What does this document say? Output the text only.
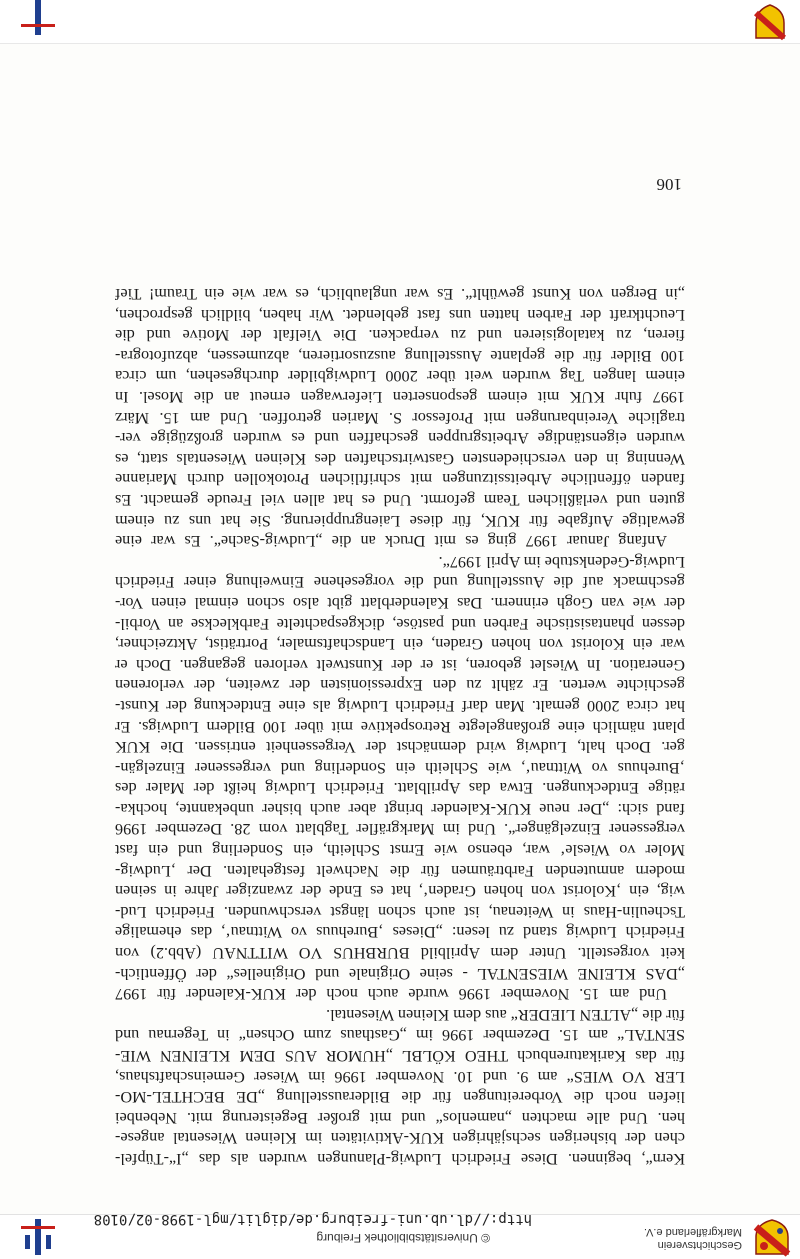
Geschichtsverein
Markgräflerland e.V.
© Universitätsbibliothek Freiburg
http://dl.ub.uni-freiburg.de/diglit/mgl-1998-02/0108
Kern“, beginnen. Diese Friedrich Ludwig-Planungen wurden als das „I“-Tüpfel-
chen der bisherigen sechsjährigen KUK-Aktivitäten im Kleinen Wiesental angese-
hen. Und alle machten „namenlos“ und mit großer Begeisterung mit. Nebenbei
liefen noch die Vorbereitungen für die Bilderausstellung „DE BECHTEL-MO-
LER VO WIES“ am 9. und 10. November 1996 im Wieser Gemeinschaftshaus,
für das Karikaturenbuch THEO KÖLBL „HUMOR AUS DEM KLEINEN WIE-
SENTAL“ am 15. Dezember 1996 im „Gasthaus zum Ochsen“ in Tegernau und
für die „ALTEN LIEDER“ aus dem Kleinen Wiesental.
Und am 15. November 1996 wurde auch noch der KUK-Kalender für 1997
„DAS KLEINE WIESENTAL - seine Originale und Originelles“ der Öffentlich-
keit vorgestellt. Unter dem Aprilbild BURBHUS VO WITTNAU (Abb.2) von
Friedrich Ludwig stand zu lesen: „Dieses ‚Burehuus vo Wittnau‘, das ehemalige
Tscheulin-Haus in Weitenau, ist auch schon längst verschwunden. Friedrich Lud-
wig, ein ‚Kolorist von hohen Graden‘, hat es Ende der zwanziger Jahre in seinen
modern anmutenden Farbträumen für die Nachwelt festgehalten. Der ‚Ludwig-
Moler vo Wiesle‘ war, ebenso wie Ernst Schleith, ein Sonderling und ein fast
vergessener Einzelgänger“. Und im Markgräfler Tagblatt vom 28. Dezember 1996
fand sich: „Der neue KUK-Kalender bringt aber auch bisher unbekannte, hochka-
rätige Entdeckungen. Etwa das Aprilblatt. Friedrich Ludwig heißt der Maler des
‚Burehuus vo Wittnau‘, wie Schleith ein Sonderling und vergessener Einzelgän-
ger. Doch halt, Ludwig wird demnächst der Vergessenheit entrissen. Die KUK
plant nämlich eine großangelegte Retrospektive mit über 100 Bildern Ludwigs. Er
hat circa 2000 gemalt. Man darf Friedrich Ludwig als eine Entdeckung der Kunst-
geschichte werten. Er zählt zu den Expressionisten der zweiten, der verlorenen
Generation. In Wieslet geboren, ist er der Kunstwelt verloren gegangen. Doch er
war ein Kolorist von hohen Graden, ein Landschaftsmaler, Porträtist, Aktzeichner,
dessen phantasistische Farben und pastöse, dickgespachtelte Farbkleckse an Vorbil-
der wie van Gogh erinnern. Das Kalenderblatt gibt also schon einmal einen Vor-
geschmack auf die Ausstellung und die vorgesehene Einweihung einer Friedrich
Ludwig-Gedenkstube im April 1997“.
Anfang Januar 1997 ging es mit Druck an die „Ludwig-Sache“. Es war eine
gewaltige Aufgabe für KUK, für diese Laiengruppierung. Sie hat uns zu einem
guten und verläßlichen Team geformt. Und es hat allen viel Freude gemacht. Es
fanden öffentliche Arbeitssitzungen mit schriftlichen Protokollen durch Marianne
Wenning in den verschiedensten Gastwirtschaften des Kleinen Wiesentals statt, es
wurden eigenständige Arbeitsgruppen geschaffen und es wurden großzügige ver-
tragliche Vereinbarungen mit Professor S. Marien getroffen. Und am 15. März
1997 fuhr KUK mit einem gesponserten Lieferwagen erneut an die Mosel. In
einem langen Tag wurden weit über 2000 Ludwigbilder durchgesehen, um circa
100 Bilder für die geplante Ausstellung auszusortieren, abzumessen, abzufotogra-
fieren, zu katalogisieren und zu verpacken. Die Vielfalt der Motive und die
Leuchtkraft der Farben hatten uns fast geblendet. Wir haben, bildlich gesprochen,
„in Bergen von Kunst gewühlt“. Es war unglaublich, es war wie ein Traum! Tief
106
